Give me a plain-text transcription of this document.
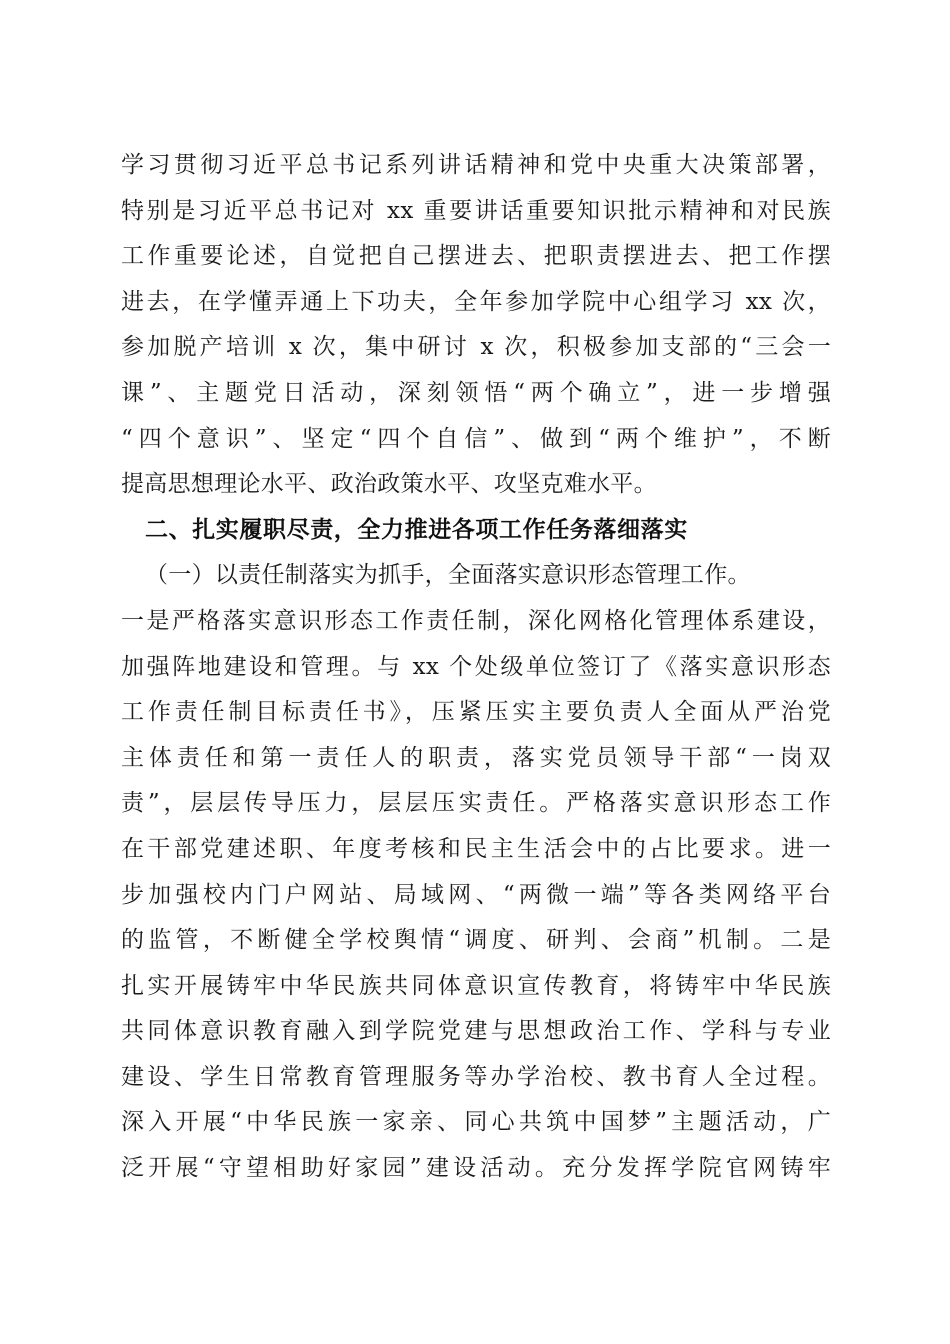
学习贯彻习近平总书记系列讲话精神和党中央重大决策部署，
特别是习近平总书记对 xx 重要讲话重要知识批示精神和对民族
工作重要论述，自觉把自己摆进去、把职责摆进去、把工作摆
进去，在学懂弄通上下功夫，全年参加学院中心组学习 xx 次，
参加脱产培训 x 次，集中研讨 x 次，积极参加支部的“三会一
课”、主题党日活动，深刻领悟“两个确立”，进一步增强
“四个意识”、坚定“四个自信”、做到“两个维护”，不断
提高思想理论水平、政治政策水平、攻坚克难水平。
二、扎实履职尽责，全力推进各项工作任务落细落实
（一）以责任制落实为抓手，全面落实意识形态管理工作。
一是严格落实意识形态工作责任制，深化网格化管理体系建设，
加强阵地建设和管理。与 xx 个处级单位签订了《落实意识形态
工作责任制目标责任书》，压紧压实主要负责人全面从严治党
主体责任和第一责任人的职责，落实党员领导干部“一岗双
责”，层层传导压力，层层压实责任。严格落实意识形态工作
在干部党建述职、年度考核和民主生活会中的占比要求。进一
步加强校内门户网站、局域网、“两微一端”等各类网络平台
的监管，不断健全学校舆情“调度、研判、会商”机制。二是
扎实开展铸牢中华民族共同体意识宣传教育，将铸牢中华民族
共同体意识教育融入到学院党建与思想政治工作、学科与专业
建设、学生日常教育管理服务等办学治校、教书育人全过程。
深入开展“中华民族一家亲、同心共筑中国梦”主题活动，广
泛开展“守望相助好家园”建设活动。充分发挥学院官网铸牢
